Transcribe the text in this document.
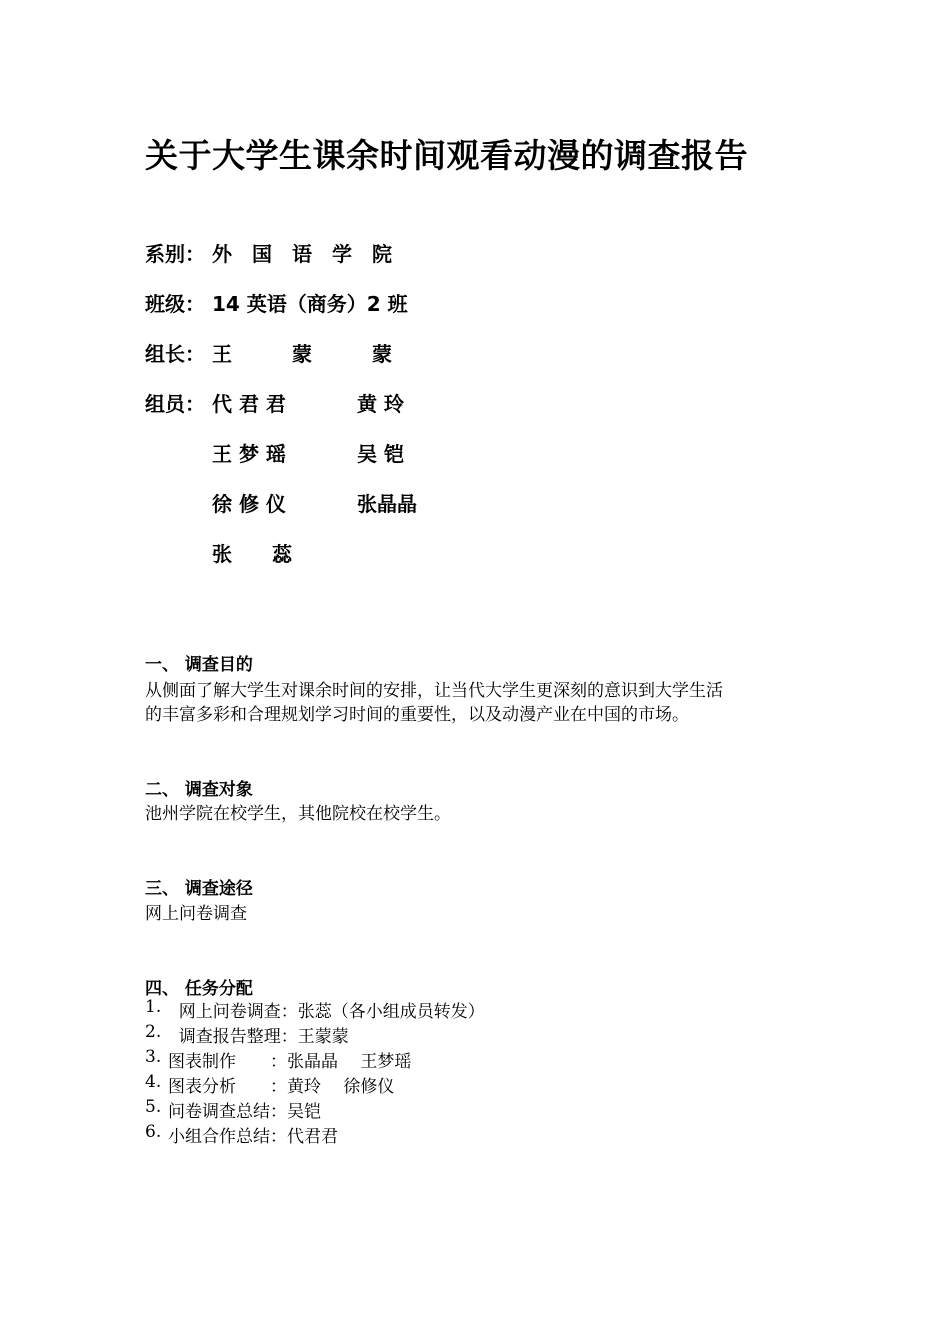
关于大学生课余时间观看动漫的调查报告
系别： 外　国　语　学　院
班级： 14 英语（商务）2 班
组长： 王　　　蒙　　　蒙
组员： 代 君 君	黄 玲
王 梦 瑶	吴 铠
徐 修 仪	张晶晶
张　　蕊
一、 调查目的
从侧面了解大学生对课余时间的安排，让当代大学生更深刻的意识到大学生活
的丰富多彩和合理规划学习时间的重要性，以及动漫产业在中国的市场。
二、 调查对象
池州学院在校学生，其他院校在校学生。
三、 调查途径
网上问卷调查
四、 任务分配
1. 网上问卷调查：张蕊（各小组成员转发）
2. 调查报告整理：王蒙蒙
3. 图表制作　　：张晶晶　 王梦瑶
4. 图表分析　　：黄玲　 徐修仪
5. 问卷调查总结：吴铠
6. 小组合作总结：代君君
